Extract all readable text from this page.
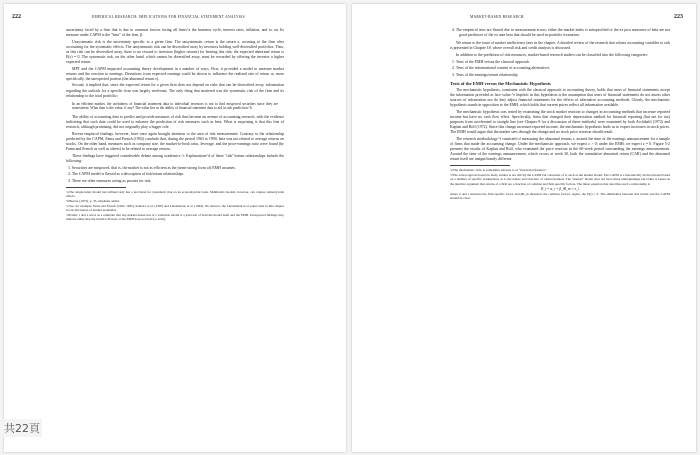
222	EMPIRICAL RESEARCH: IMPLICATIONS FOR FINANCIAL STATEMENT ANALYSIS

uncertainty faced by a firm that is due to common factors facing all firms^a the business cycle, interest rates, inflation, and so on. Its measure under CAPM is the "beta" of the firm, β.

Unsystematic risk is the uncertainty specific to a given firm. The unsystematic return is the return ε, accruing to the firm after accounting for the systematic effects. The unsystematic risk can be diversified away by investors holding well-diversified portfolios. Thus, as this risk can be diversified away, there is no reward to investors (higher returns) for bearing this risk; the expected abnormal return is E(ε) = 0. The systematic risk, on the other hand, which cannot be diversified away, must be rewarded by offering the investor a higher expected return.

MPT and the CAPM impacted accounting theory development in a number of ways. First, it provided a model to measure market returns and the reaction to earnings. Deviations from expected earnings could be shown to influence the realized rate of return or, more specifically, the unexpected portion (the abnormal return ε).

Second, it implied that, since the expected return for a given firm does not depend on risks that can be diversified away, information regarding the outlook for a specific firm was largely irrelevant. The only thing that mattered was the systematic risk of the firm and its relationship to the total portfolio:

In an efficient market, the usefulness of financial statement data to individual investors is not to find mispriced securities since they are nonexistent. What then is the value, if any? The value lies in the ability of financial statement data to aid in risk prediction.^b

The ability of accounting data to predict and provide measures of risk thus became an avenue of accounting research, with the evidence indicating that such data could be used to enhance the prediction of risk measures such as beta. What is surprising is that this line of research, although promising, did not originally play a bigger role.

Recent empirical findings, however, have once again brought attention to the area of risk measurement. Contrary to the relationship predicted by the CAPM, Fama and French (1992) conclude that, during the period 1963 to 1990, beta was not related to average returns on stocks. On the other hand, measures such as company size, the market-to-book ratio, leverage, and the price-earnings ratio were found (by Fama and French as well as others) to be related to average returns.

These findings have triggered considerable debate among academics.^c Explanations^d of these "risk"/return relationships include the following:

1. Securities are mispriced, that is, the market is not as efficient as the (semi-strong form of) EMH assumes.
2. The CAPM model is flawed as a description of risk/return relationships.
3. There are other measures acting as proxies for risk.
^aThe single-index model just defined only has a provision for systematic risk on an economywide basis. Multiindex models, however, can capture industrywide effects.
^bBeaver (1973), p. 35, emphasis added.
^cSee, for example, Fama and French (1993, 1995), Kothari, et al. (1995) and Lakonishok, et al. (1994). We return to the Lakonishok et al. paper later in this chapter in our discussion of market anomalies.
^dPoints 1 and 2 serve as a reminder that any market-based test of a valuation model is a joint test of both the model itself and the EMH. Unexpected findings may indicate either that the model is flawed or the EMH does not hold (or both).
MARKET-BASED RESEARCH	223
4. The empirical tests are flawed due to measurement errors; either the market index is misspecified or the ex post measures of beta are not good predictors of the ex ante beta that should be used in portfolio formation.

We return to the issue of market inefficiency later in the chapter. A detailed review of the research that relates accounting variables to risk is presented in Chapter 18, where overall risk and credit analysis is discussed.

In addition to the prediction of risk measures, market-based research studies can be classified into the following categories:

1. Tests of the EMH versus the classical approach
2. Tests of the informational content of accounting alternatives
3. Tests of the earnings/return relationship
Tests of the EMH versus the Mechanistic Hypothesis

The mechanistic hypothesis, consistent with the classical approach to accounting theory, holds that users of financial statements accept the information provided at face value.^e Implicit in this hypothesis is the assumption that users of financial statements do not assess other sources of information nor do they adjust financial statements for the effects of alternative accounting methods. Clearly, the mechanistic hypothesis stands in opposition to the EMH, which holds that current prices reflect all information available.

The mechanistic hypothesis was tested by examining the stock market reaction to changes in accounting methods that increase reported income but have no cash flow effect. Specifically, firms that changed their depreciation method for financial reporting (but not for tax) purposes from accelerated to straight line (see Chapter 8 for a discussion of these methods) were examined by both Archibald (1972) and Kaplan and Roll (1972). Since this change increases reported income, the mechanistic hypothesis leads us to expect increases in stock prices. The EMH would argue that the market sees through the change and no stock price reaction should result.

The research methodology^f consisted of measuring the abnormal returns ε, around the time of the earnings announcement for a sample of firms that made the accounting change. Under the mechanistic approach, we expect ε > 0; under the EMH, we expect ε = 0. Figure 5-2 presents the results of Kaplan and Roll, who examined the price reaction in the 60-week period surrounding the earnings announcement. Around the time of the earnings announcement, which occurs at week 30, both the cumulative abnormal return (CAR) and the abnormal return itself are insignificantly different

^eThe mechanistic view is sometimes referred to as "functional fixation."
^fThe actual approach used in many studies is not strictly the CAPM but variations of it, such as the market model. The CAPM is a theoretically derived model based on a number of specific assumptions as to the nature and structure of capital markets. The "market" model does not have these underpinnings but rather is based on the intuitive argument that returns of a firm are a function of common and firm-specific factors. The linear equation that describes such a relationship is
R_i = α_i + β_iR_m + ε_i
where α and ε measure the firm specific factor and βR_m measures the common factors. Again, the E(ε) = 0. The similarities between this model and the CAPM should be clear.
共22頁
